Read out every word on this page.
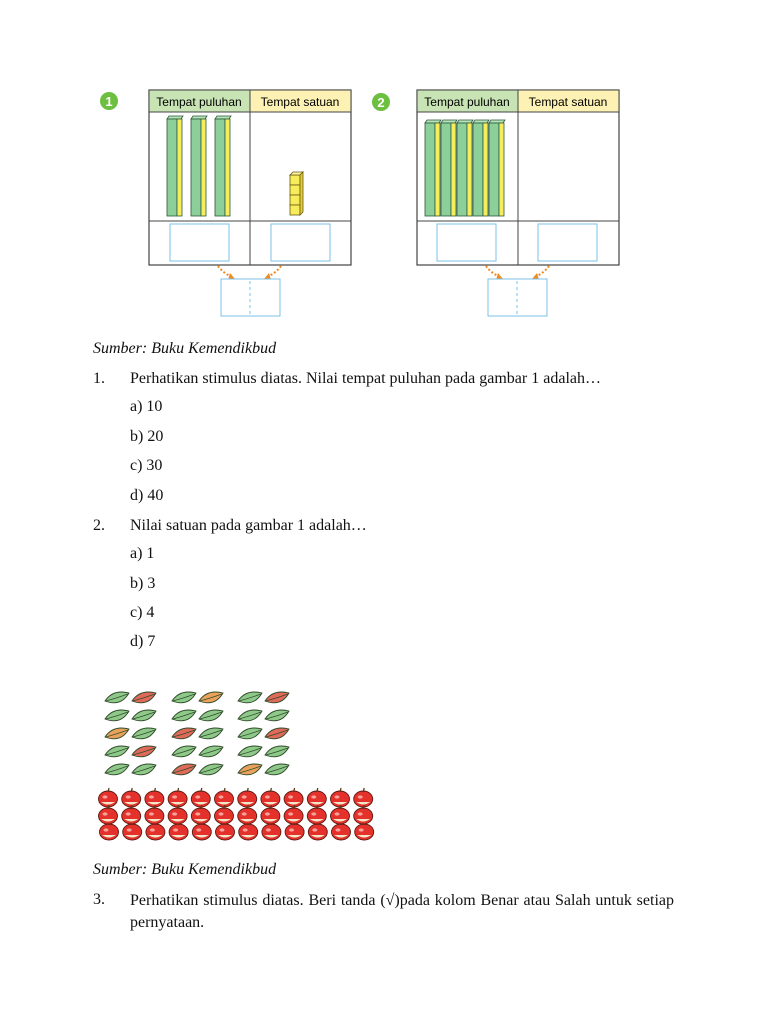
1	Tempat puluhan Tempat satuan	2	Tempat puluhan Tempat satuan
Sumber: Buku Kemendikbud
1. Perhatikan stimulus diatas. Nilai tempat puluhan pada gambar 1 adalah…
a) 10
b) 20
c) 30
d) 40
2. Nilai satuan pada gambar 1 adalah…
a) 1
b) 3
c) 4
d) 7
Sumber: Buku Kemendikbud
3. Perhatikan stimulus diatas. Beri tanda (√)pada kolom Benar atau Salah untuk setiap pernyataan.
